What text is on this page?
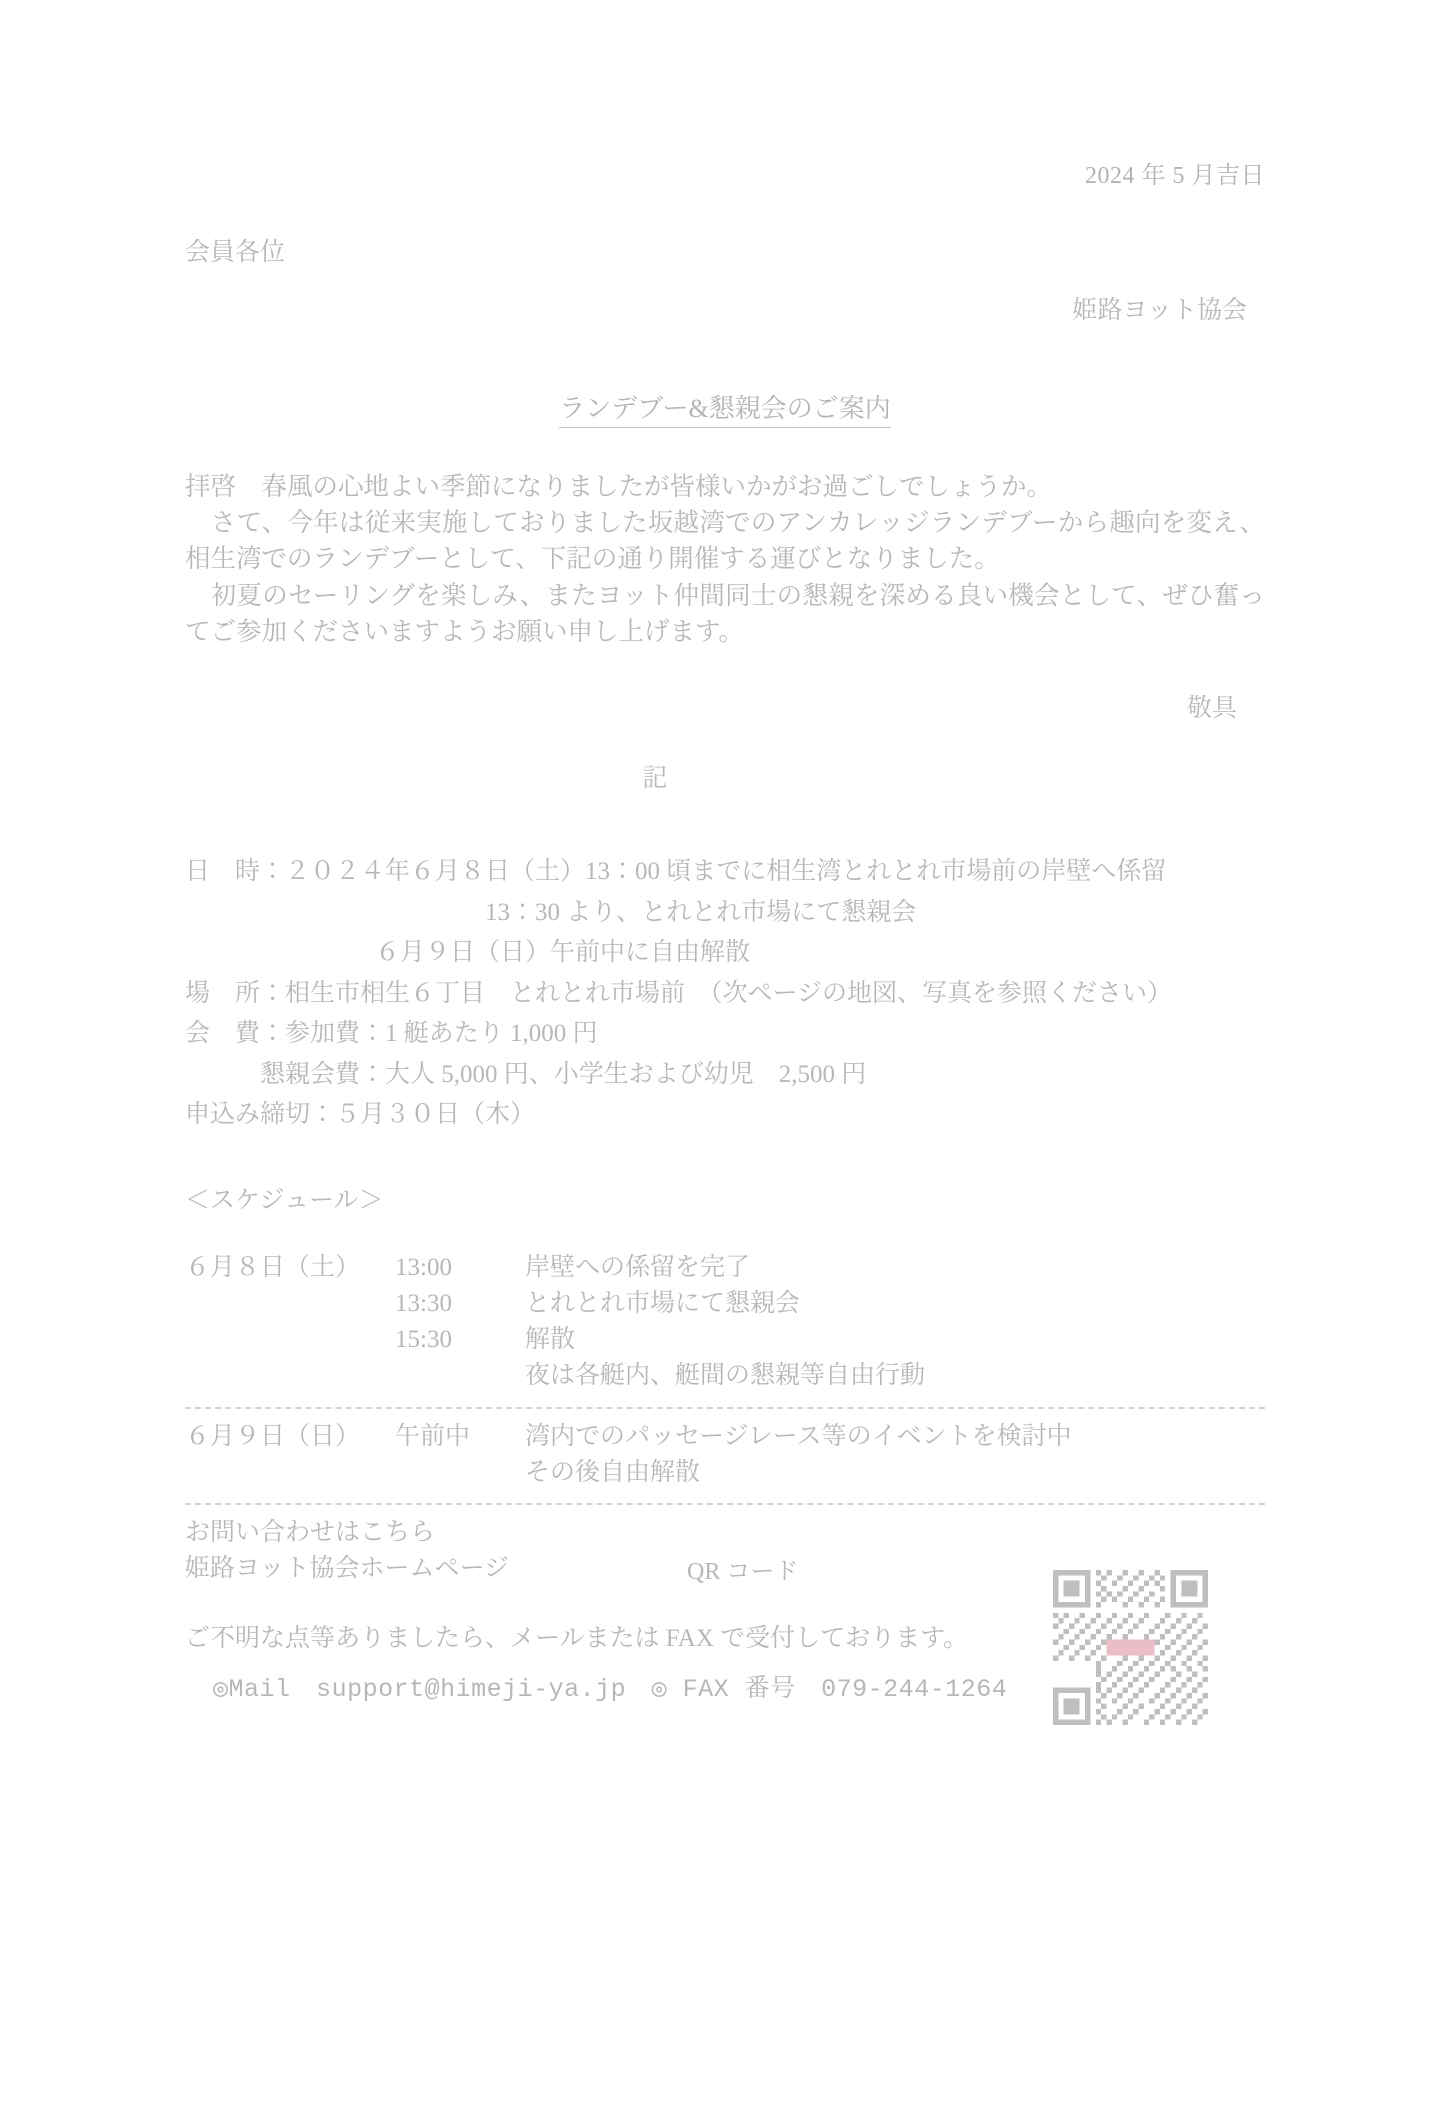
2024 年 5 月吉日
会員各位
姫路ヨット協会
ランデブー&懇親会のご案内

拝啓　春風の心地よい季節になりましたが皆様いかがお過ごしでしょうか。

　さて、今年は従来実施しておりました坂越湾でのアンカレッジランデブーから趣向を変え、相生湾でのランデブーとして、下記の通り開催する運びとなりました。

　初夏のセーリングを楽しみ、またヨット仲間同士の懇親を深める良い機会として、ぜひ奮ってご参加くださいますようお願い申し上げます。

敬具
記
日　時：２０２４年６月８日（土）13：00 頃までに相生湾とれとれ市場前の岸壁へ係留
13：30 より、とれとれ市場にて懇親会
６月９日（日）午前中に自由解散
場　所：相生市相生６丁目　とれとれ市場前　（次ページの地図、写真を参照ください）
会　費：参加費：1 艇あたり 1,000 円
懇親会費：大人 5,000 円、小学生および幼児　2,500 円
申込み締切：５月３０日（木）
＜スケジュール＞
６月８日（土）	13:00	岸壁への係留を完了
13:30	とれとれ市場にて懇親会
15:30	解散
夜は各艇内、艇間の懇親等自由行動
６月９日（日）	午前中	湾内でのパッセージレース等のイベントを検討中
その後自由解散
お問い合わせはこちら
姫路ヨット協会ホームページ	QR コード
ご不明な点等ありましたら、メールまたは FAX で受付しております。
◎Mail　support@himeji-ya.jp　◎ FAX 番号　079-244-1264
